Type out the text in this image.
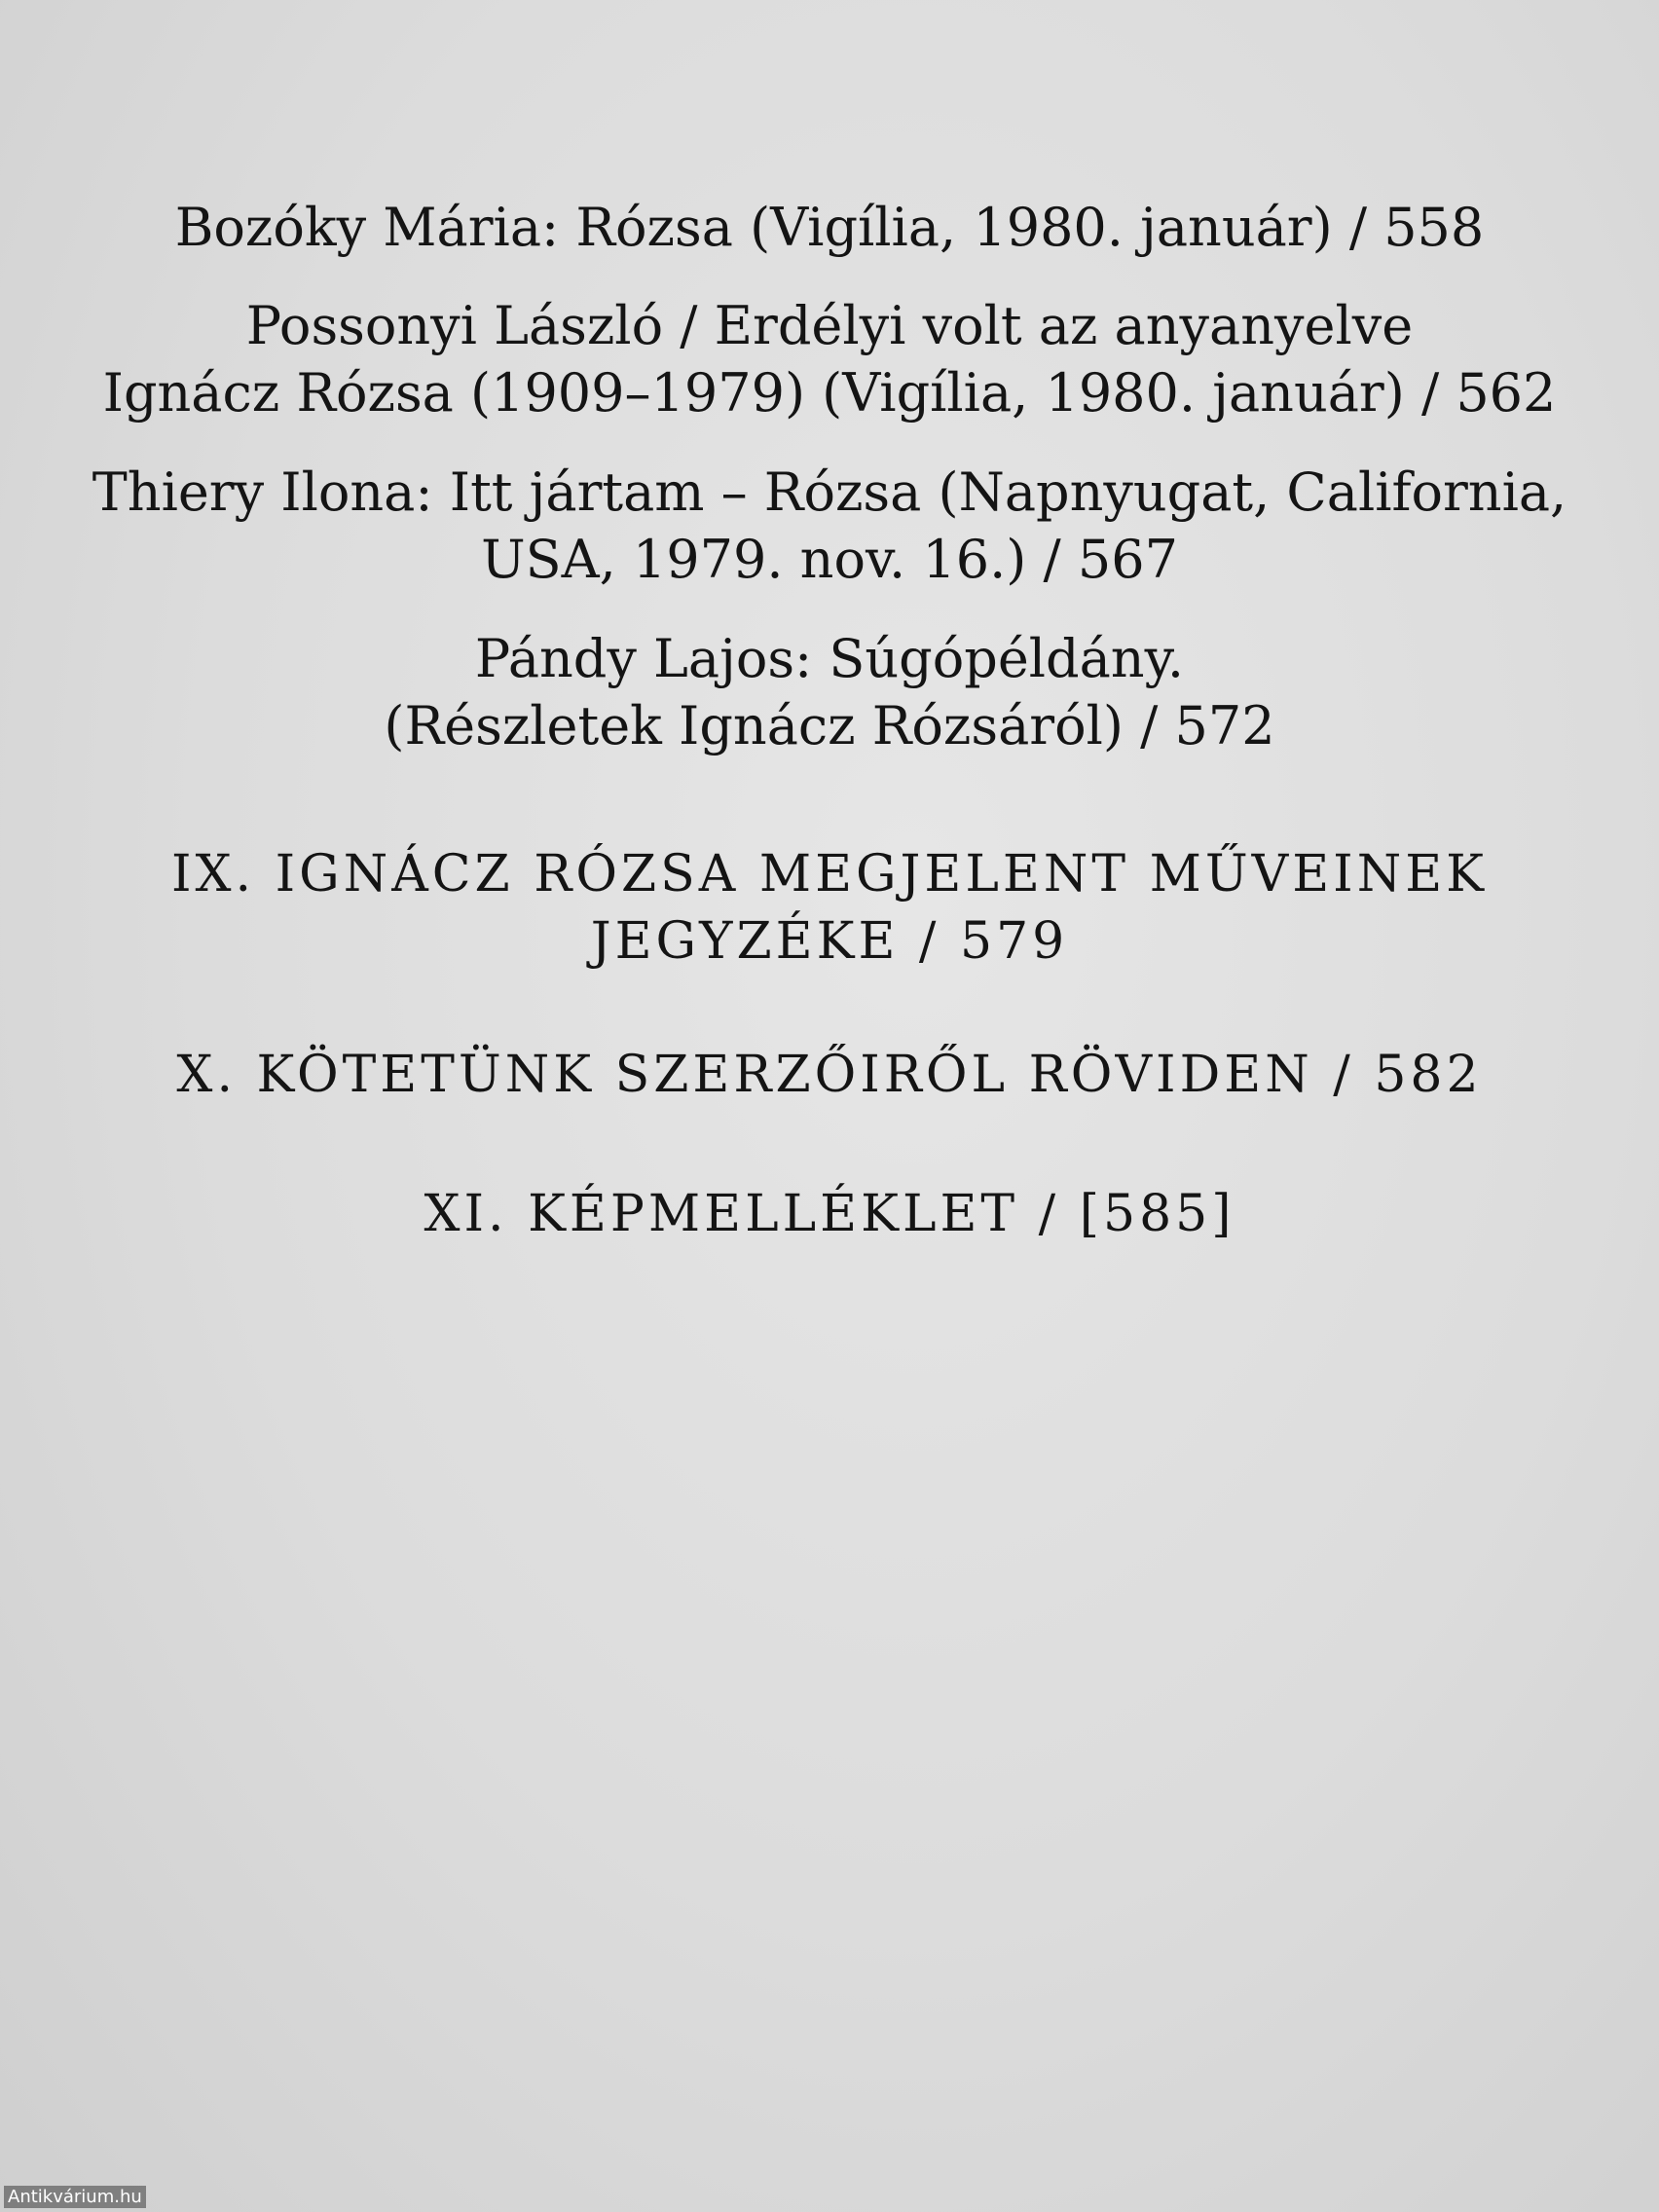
Bozóky Mária: Rózsa (Vigília, 1980. január) / 558
Possonyi László / Erdélyi volt az anyanyelve
Ignácz Rózsa (1909–1979) (Vigília, 1980. január) / 562
Thiery Ilona: Itt jártam – Rózsa (Napnyugat, California,
USA, 1979. nov. 16.) / 567
Pándy Lajos: Súgópéldány.
(Részletek Ignácz Rózsáról) / 572
IX. IGNÁCZ RÓZSA MEGJELENT MŰVEINEK
JEGYZÉKE / 579
X. KÖTETÜNK SZERZŐIRŐL RÖVIDEN / 582
XI. KÉPMELLÉKLET / [585]
Antikvárium.hu
